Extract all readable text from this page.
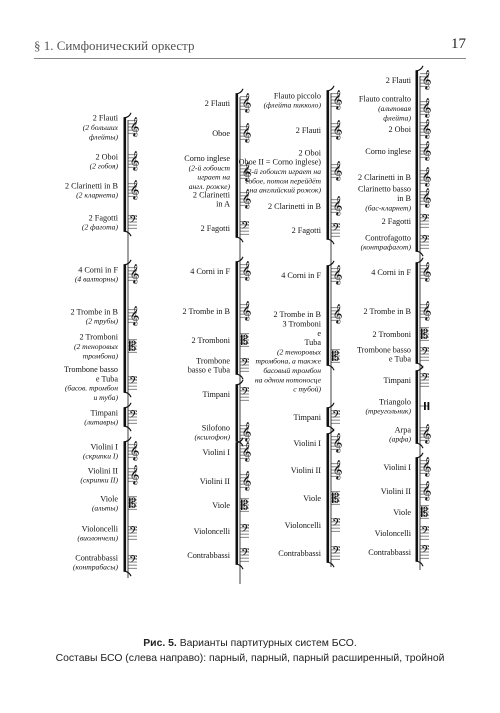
§ 1. Симфонический оркестр	17
𝄞
2 Flauti
(2 больших
флейты)
𝄞
2 Oboi
(2 гобоя)
𝄞
2 Clarinetti in B
(2 кларнета)
𝄢
2 Fagotti
(2 фагота)
𝄞
4 Corni in F
(4 валторны)
𝄞
2 Trombe in B
(2 трубы)
𝄡
2 Tromboni
(2 теноровых
тромбона)
𝄢
Trombone basso
e Tuba
(басов. тромбон
и туба)
𝄢
Timpani
(литавры)
𝄞
Violini I
(скрипки I)
𝄞
Violini II
(скрипки II)
𝄡
Viole
(альты)
𝄢
Violoncelli
(виолончели)
𝄢
Contrabbassi
(контрабасы)
𝄞
2 Flauti
𝄞
Oboe
𝄞
Corno inglese
(2-й гобоист
играет на
англ. рожке)
𝄞
2 Clarinetti
in A
𝄢
2 Fagotti
𝄞
4 Corni in F
𝄞
2 Trombe in B
𝄡
2 Tromboni
𝄢
Trombone
basso e Tuba
𝄢
Timpani
𝄞
Silofono
(ксилофон)
𝄞
Violini I
𝄞
Violini II
𝄡
Viole
𝄢
Violoncelli
𝄢
Contrabbassi
𝄞
Flauto piccolo
(флейта пикколо)
𝄞
2 Flauti
𝄞
2 Oboi
(Oboe II = Corno inglese)
(2-й гобоист играет на
гобое, потом перейдёт
на английский рожок)
𝄞
2 Clarinetti in B
𝄢
2 Fagotti
𝄞
4 Corni in F
𝄞
2 Trombe in B
𝄡
3 Tromboni
e
Tuba
(2 теноровых
тромбона, а также
басовый тромбон
на одном нотоносце
с тубой)
𝄢
Timpani
𝄞
Violini I
𝄞
Violini II
𝄡
Viole
𝄢
Violoncelli
𝄢
Contrabbassi
𝄞
2 Flauti
𝄞
Flauto contralto
(альтовая
флейта)
𝄞
2 Oboi
𝄞
Corno inglese
𝄞
2 Clarinetti in B
𝄞
Clarinetto basso
in B
(бас-кларнет)
𝄢
2 Fagotti
𝄢
Controfagotto
(контрафагот)
𝄞
4 Corni in F
𝄞
2 Trombe in B
𝄡
2 Tromboni
𝄢
Trombone basso
e Tuba
𝄢
Timpani
Triangolo
(треугольник)
𝄞
Arpa
(арфа)
𝄞
Violini I
𝄞
Violini II
𝄡
Viole
𝄢
Violoncelli
𝄢
Contrabbassi
Рис. 5. Варианты партитурных систем БСО.
Составы БСО (слева направо): парный, парный, парный расширенный, тройной
